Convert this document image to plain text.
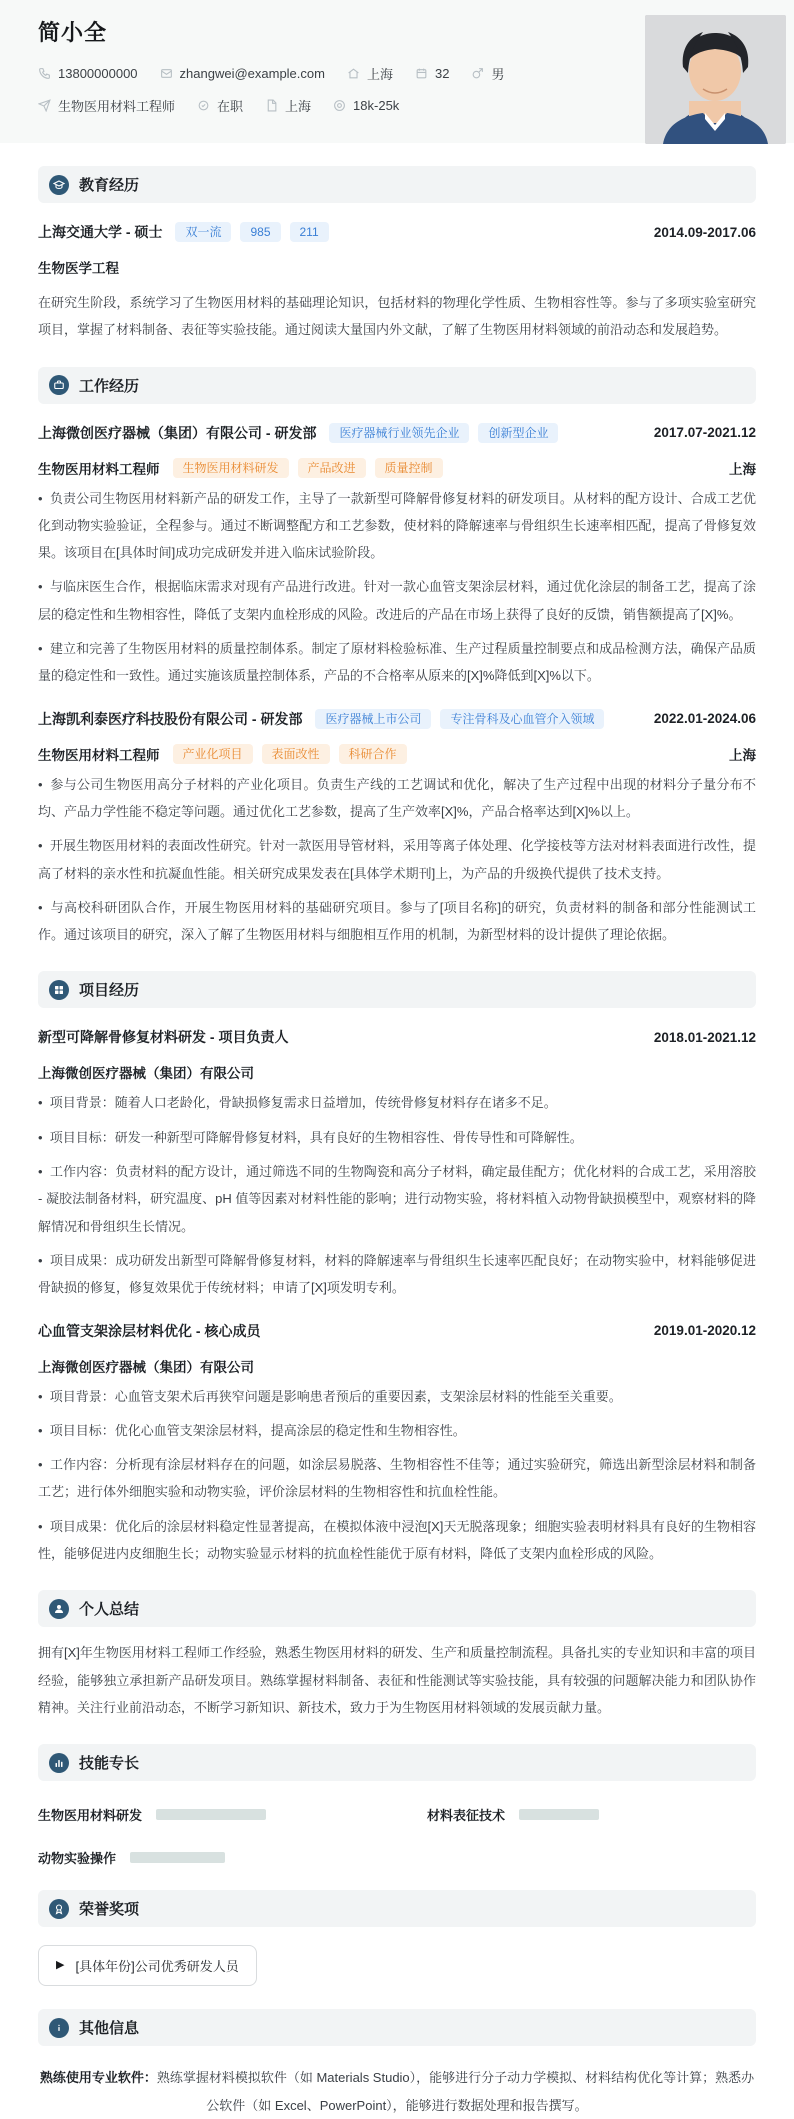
简小全
13800000000	zhangwei@example.com	上海	32	男
生物医用材料工程师	在职	上海	18k-25k
教育经历
上海交通大学 - 硕士	双一流	985	211	2014.09-2017.06
生物医学工程

在研究生阶段，系统学习了生物医用材料的基础理论知识，包括材料的物理化学性质、生物相容性等。参与了多项实验室研究项目，掌握了材料制备、表征等实验技能。通过阅读大量国内外文献，了解了生物医用材料领域的前沿动态和发展趋势。

工作经历
上海微创医疗器械（集团）有限公司 - 研发部	医疗器械行业领先企业	创新型企业	2017.07-2021.12
生物医用材料工程师	生物医用材料研发	产品改进	质量控制	上海
•  负责公司生物医用材料新产品的研发工作，主导了一款新型可降解骨修复材料的研发项目。从材料的配方设计、合成工艺优化到动物实验验证，全程参与。通过不断调整配方和工艺参数，使材料的降解速率与骨组织生长速率相匹配，提高了骨修复效果。该项目在[具体时间]成功完成研发并进入临床试验阶段。
•  与临床医生合作，根据临床需求对现有产品进行改进。针对一款心血管支架涂层材料，通过优化涂层的制备工艺，提高了涂层的稳定性和生物相容性，降低了支架内血栓形成的风险。改进后的产品在市场上获得了良好的反馈，销售额提高了[X]%。
•  建立和完善了生物医用材料的质量控制体系。制定了原材料检验标准、生产过程质量控制要点和成品检测方法，确保产品质量的稳定性和一致性。通过实施该质量控制体系，产品的不合格率从原来的[X]%降低到[X]%以下。
上海凯利泰医疗科技股份有限公司 - 研发部	医疗器械上市公司	专注骨科及心血管介入领域	2022.01-2024.06
生物医用材料工程师	产业化项目	表面改性	科研合作	上海
•  参与公司生物医用高分子材料的产业化项目。负责生产线的工艺调试和优化，解决了生产过程中出现的材料分子量分布不均、产品力学性能不稳定等问题。通过优化工艺参数，提高了生产效率[X]%，产品合格率达到[X]%以上。
•  开展生物医用材料的表面改性研究。针对一款医用导管材料，采用等离子体处理、化学接枝等方法对材料表面进行改性，提高了材料的亲水性和抗凝血性能。相关研究成果发表在[具体学术期刊]上，为产品的升级换代提供了技术支持。
•  与高校科研团队合作，开展生物医用材料的基础研究项目。参与了[项目名称]的研究，负责材料的制备和部分性能测试工作。通过该项目的研究，深入了解了生物医用材料与细胞相互作用的机制，为新型材料的设计提供了理论依据。
项目经历
新型可降解骨修复材料研发 - 项目负责人	2018.01-2021.12
上海微创医疗器械（集团）有限公司
•  项目背景：随着人口老龄化，骨缺损修复需求日益增加，传统骨修复材料存在诸多不足。
•  项目目标：研发一种新型可降解骨修复材料，具有良好的生物相容性、骨传导性和可降解性。
•  工作内容：负责材料的配方设计，通过筛选不同的生物陶瓷和高分子材料，确定最佳配方；优化材料的合成工艺，采用溶胶 - 凝胶法制备材料，研究温度、pH 值等因素对材料性能的影响；进行动物实验，将材料植入动物骨缺损模型中，观察材料的降解情况和骨组织生长情况。
•  项目成果：成功研发出新型可降解骨修复材料，材料的降解速率与骨组织生长速率匹配良好；在动物实验中，材料能够促进骨缺损的修复，修复效果优于传统材料；申请了[X]项发明专利。
心血管支架涂层材料优化 - 核心成员	2019.01-2020.12
上海微创医疗器械（集团）有限公司
•  项目背景：心血管支架术后再狭窄问题是影响患者预后的重要因素，支架涂层材料的性能至关重要。
•  项目目标：优化心血管支架涂层材料，提高涂层的稳定性和生物相容性。
•  工作内容：分析现有涂层材料存在的问题，如涂层易脱落、生物相容性不佳等；通过实验研究，筛选出新型涂层材料和制备工艺；进行体外细胞实验和动物实验，评价涂层材料的生物相容性和抗血栓性能。
•  项目成果：优化后的涂层材料稳定性显著提高，在模拟体液中浸泡[X]天无脱落现象；细胞实验表明材料具有良好的生物相容性，能够促进内皮细胞生长；动物实验显示材料的抗血栓性能优于原有材料，降低了支架内血栓形成的风险。
个人总结

拥有[X]年生物医用材料工程师工作经验，熟悉生物医用材料的研发、生产和质量控制流程。具备扎实的专业知识和丰富的项目经验，能够独立承担新产品研发项目。熟练掌握材料制备、表征和性能测试等实验技能，具有较强的问题解决能力和团队协作精神。关注行业前沿动态，不断学习新知识、新技术，致力于为生物医用材料领域的发展贡献力量。

技能专长
生物医用材料研发	材料表征技术
动物实验操作
荣誉奖项
▶ [具体年份]公司优秀研发人员
其他信息

熟练使用专业软件：熟练掌握材料模拟软件（如 Materials Studio），能够进行分子动力学模拟、材料结构优化等计算；熟悉办公软件（如 Excel、PowerPoint），能够进行数据处理和报告撰写。
